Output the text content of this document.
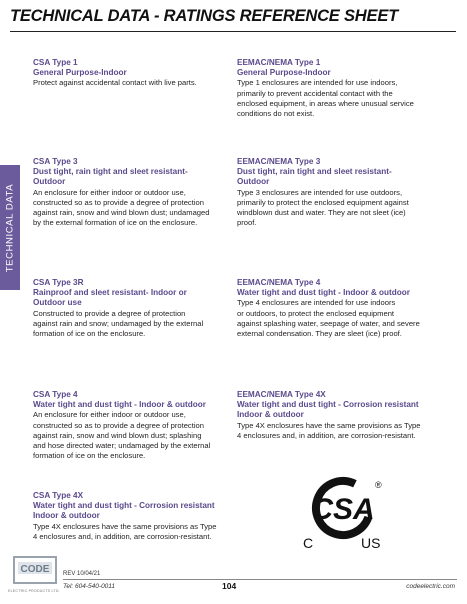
TECHNICAL DATA - RATINGS REFERENCE SHEET
TECHNICAL DATA
CSA Type 1
General Purpose-Indoor
Protect against accidental contact with live parts.
EEMAC/NEMA Type 1
General Purpose-Indoor
Type 1 enclosures are intended for use indoors,
primarily to prevent accidental contact with the
enclosed equipment, in areas where unusual service
conditions do not exist.
CSA Type 3
Dust tight, rain tight and sleet resistant-
Outdoor
An enclosure for either indoor or outdoor use,
constructed so as to provide a degree of protection
against rain, snow and wind blown dust; undamaged
by the external formation of ice on the enclosure.
EEMAC/NEMA Type 3
Dust tight, rain tight and sleet resistant-
Outdoor
Type 3 enclosures are intended for use outdoors,
primarily to protect the enclosed equipment against
windblown dust and water. They are not sleet (ice)
proof.
CSA Type 3R
Rainproof and sleet resistant- Indoor or
Outdoor use
Constructed to provide a degree of protection
against rain and snow; undamaged by the external
formation of ice on the enclosure.
EEMAC/NEMA Type 4
Water tight and dust tight - Indoor & outdoor
Type 4 enclosures are intended for use indoors
or outdoors, to protect the enclosed equipment
against splashing water, seepage of water, and severe
external condensation. They are sleet (ice) proof.
CSA Type 4
Water tight and dust tight - Indoor & outdoor
An enclosure for either indoor or outdoor use,
constructed so as to provide a degree of protection
against rain, snow and wind blown dust; splashing
and hose directed water; undamaged by the external
formation of ice on the enclosure.
EEMAC/NEMA Type 4X
Water tight and dust tight - Corrosion resistant
Indoor & outdoor
Type 4X enclosures have the same provisions as Type
4 enclosures and, in addition, are corrosion-resistant.
CSA Type 4X
Water tight and dust tight - Corrosion resistant
Indoor & outdoor
Type 4X enclosures have the same provisions as Type
4 enclosures and, in addition, are corrosion-resistant.
CSA
®
C	US
CODE
ELECTRIC PRODUCTS LTD.
REV 10/04/21
Tel: 604-540-0011	104	codeelectric.com
